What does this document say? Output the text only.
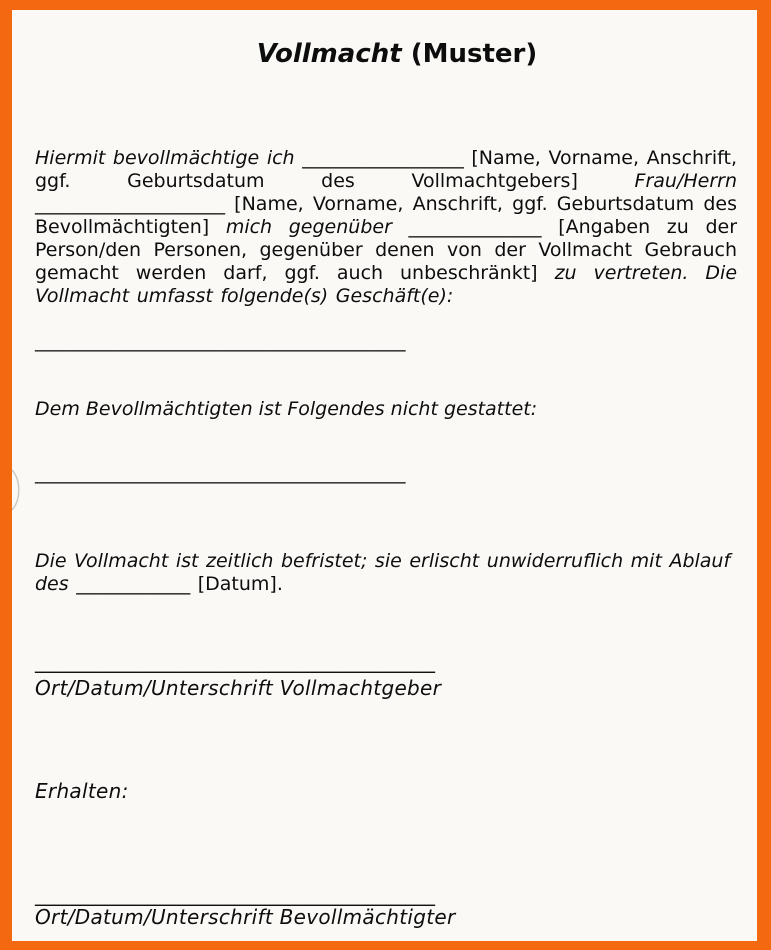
Vollmacht (Muster)

Hiermit bevollmächtige ich _________________ [Name, Vorname, Anschrift, ggf. Geburtsdatum des Vollmachtgebers] Frau/Herrn ____________________ [Name, Vorname, Anschrift, ggf. Geburtsdatum des Bevollmächtigten] mich gegenüber ______________ [Angaben zu der Person/den Personen, gegenüber denen von der Vollmacht Gebrauch gemacht werden darf, ggf. auch unbeschränkt] zu vertreten. Die Vollmacht umfasst folgende(s) Geschäft(e):

_______________________________________
Dem Bevollmächtigten ist Folgendes nicht gestattet:
_______________________________________

Die Vollmacht ist zeitlich befristet; sie erlischt unwiderruflich mit Ablauf
des ____________ [Datum].

________________________________________
Ort/Datum/Unterschrift Vollmachtgeber
Erhalten:
________________________________________
Ort/Datum/Unterschrift Bevollmächtigter
